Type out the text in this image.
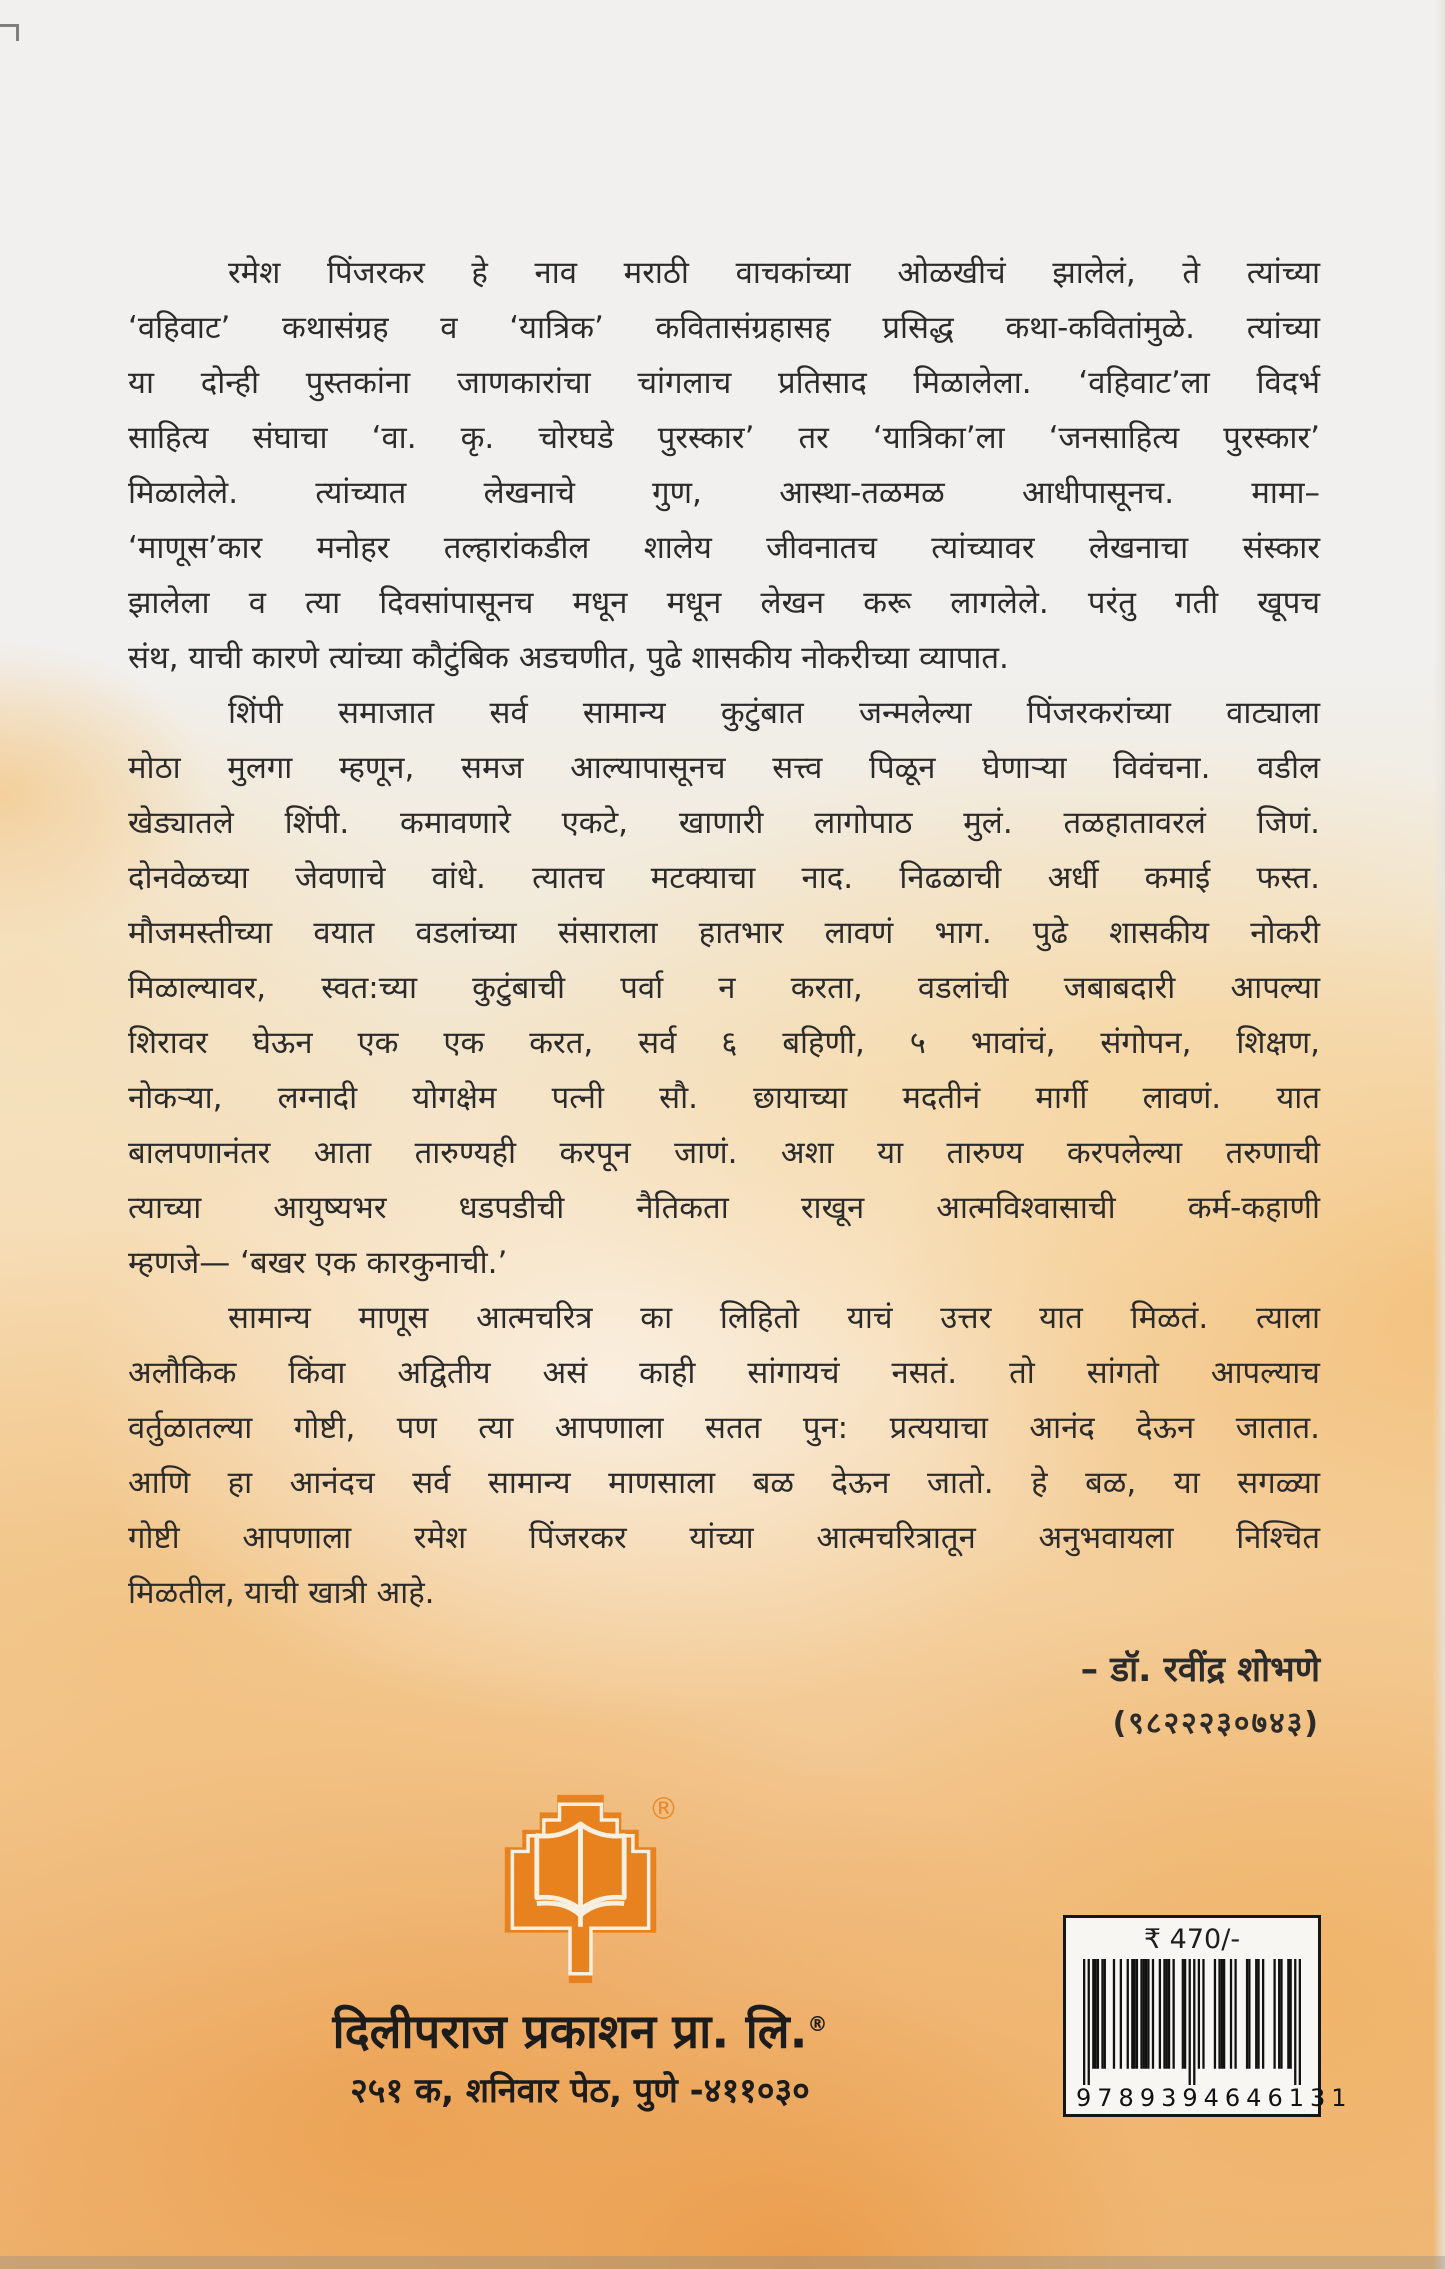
रमेश पिंजरकर हे नाव मराठी वाचकांच्या ओळखीचं झालेलं, ते त्यांच्या
‘वहिवाट’ कथासंग्रह व ‘यात्रिक’ कवितासंग्रहासह प्रसिद्ध कथा-कवितांमुळे. त्यांच्या
या दोन्ही पुस्तकांना जाणकारांचा चांगलाच प्रतिसाद मिळालेला. ‘वहिवाट’ला विदर्भ
साहित्य संघाचा ‘वा. कृ. चोरघडे पुरस्कार’ तर ‘यात्रिका’ला ‘जनसाहित्य पुरस्कार’
मिळालेले. त्यांच्यात लेखनाचे गुण, आस्था-तळमळ आधीपासूनच. मामा–
‘माणूस’कार मनोहर तल्हारांकडील शालेय जीवनातच त्यांच्यावर लेखनाचा संस्कार
झालेला व त्या दिवसांपासूनच मधून मधून लेखन करू लागलेले. परंतु गती खूपच
संथ, याची कारणे त्यांच्या कौटुंबिक अडचणीत, पुढे शासकीय नोकरीच्या व्यापात.
शिंपी समाजात सर्व सामान्य कुटुंबात जन्मलेल्या पिंजरकरांच्या वाट्याला
मोठा मुलगा म्हणून, समज आल्यापासूनच सत्त्व पिळून घेणाऱ्या विवंचना. वडील
खेड्यातले शिंपी. कमावणारे एकटे, खाणारी लागोपाठ मुलं. तळहातावरलं जिणं.
दोनवेळच्या जेवणाचे वांधे. त्यातच मटक्याचा नाद. निढळाची अर्धी कमाई फस्त.
मौजमस्तीच्या वयात वडलांच्या संसाराला हातभार लावणं भाग. पुढे शासकीय नोकरी
मिळाल्यावर, स्वत:च्या कुटुंबाची पर्वा न करता, वडलांची जबाबदारी आपल्या
शिरावर घेऊन एक एक करत, सर्व ६ बहिणी, ५ भावांचं, संगोपन, शिक्षण,
नोकऱ्या, लग्नादी योगक्षेम पत्नी सौ. छायाच्या मदतीनं मार्गी लावणं. यात
बालपणानंतर आता तारुण्यही करपून जाणं. अशा या तारुण्य करपलेल्या तरुणाची
त्याच्या आयुष्यभर धडपडीची नैतिकता राखून आत्मविश्वासाची कर्म-कहाणी
म्हणजे— ‘बखर एक कारकुनाची.’
सामान्य माणूस आत्मचरित्र का लिहितो याचं उत्तर यात मिळतं. त्याला
अलौकिक किंवा अद्वितीय असं काही सांगायचं नसतं. तो सांगतो आपल्याच
वर्तुळातल्या गोष्टी, पण त्या आपणाला सतत पुन: प्रत्ययाचा आनंद देऊन जातात.
आणि हा आनंदच सर्व सामान्य माणसाला बळ देऊन जातो. हे बळ, या सगळ्या
गोष्टी आपणाला रमेश पिंजरकर यांच्या आत्मचरित्रातून अनुभवायला निश्चित
मिळतील, याची खात्री आहे.
– डॉ. रवींद्र शोभणे
(९८२२२३०७४३)
®
दिलीपराज प्रकाशन प्रा. लि.®
२५१ क, शनिवार पेठ, पुणे -४११०३०
₹ 470/-
9 789394 646131
